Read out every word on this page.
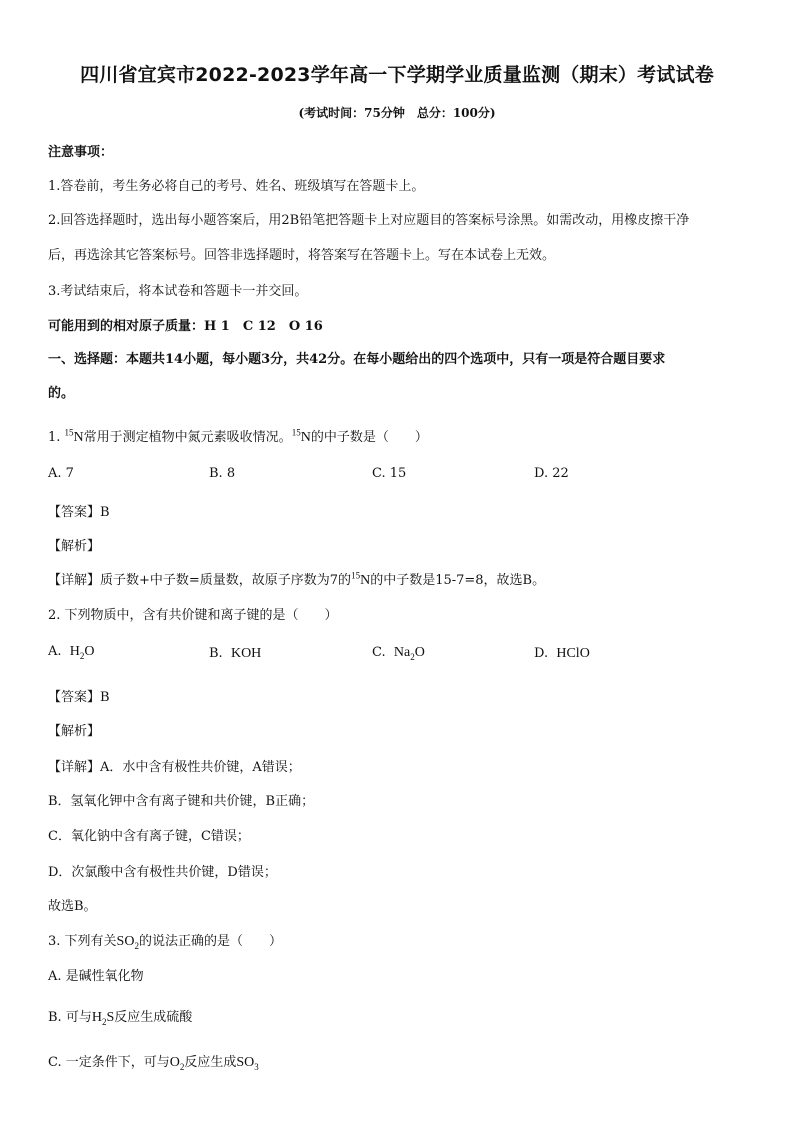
四川省宜宾市2022-2023学年高一下学期学业质量监测（期末）考试试卷
(考试时间：75分钟　总分：100分)
注意事项：
1.答卷前，考生务必将自己的考号、姓名、班级填写在答题卡上。
2.回答选择题时，选出每小题答案后，用2B铅笔把答题卡上对应题目的答案标号涂黑。如需改动，用橡皮擦干净
后，再选涂其它答案标号。回答非选择题时，将答案写在答题卡上。写在本试卷上无效。
3.考试结束后，将本试卷和答题卡一并交回。
可能用到的相对原子质量：H 1　C 12　O 16
一、选择题：本题共14小题，每小题3分，共42分。在每小题给出的四个选项中，只有一项是符合题目要求
的。
1. $^{15}$N常用于测定植物中氮元素吸收情况。$^{15}$N的中子数是（　　）
A. 7	B. 8	C. 15	D. 22
【答案】B
【解析】
【详解】质子数+中子数=质量数，故原子序数为7的$^{15}$N的中子数是15-7=8，故选B。
2. 下列物质中，含有共价键和离子键的是（　　）
A. $H_2O$	B. KOH	C. $Na_2O$	D. HClO
【答案】B
【解析】
【详解】A．水中含有极性共价键，A错误；
B．氢氧化钾中含有离子键和共价键，B正确；
C．氧化钠中含有离子键，C错误；
D．次氯酸中含有极性共价键，D错误；
故选B。
3. 下列有关$SO_2$的说法正确的是（　　）
A. 是碱性氧化物
B. 可与$H_2S$反应生成硫酸
C. 一定条件下，可与$O_2$反应生成$SO_3$
